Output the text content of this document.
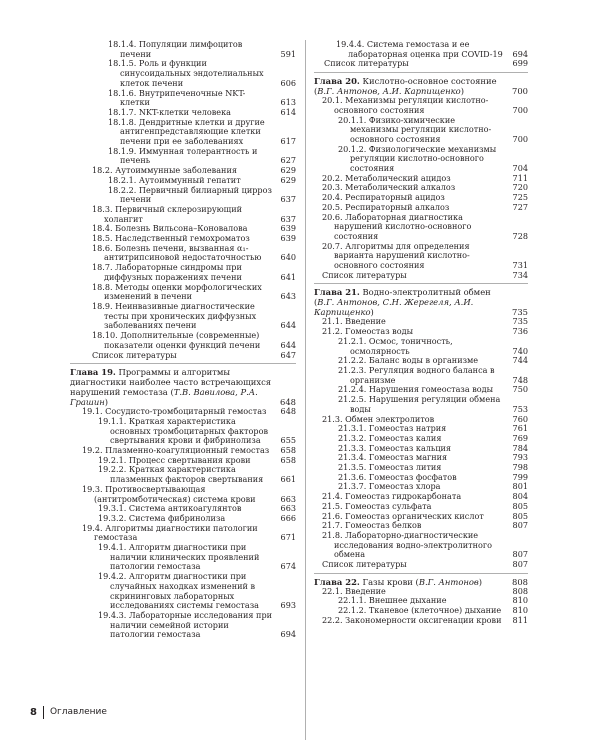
18.1.4. Популяции лимфоцитов печени	591
18.1.5. Роль и функции синусоидальных эндотелиальных клеток печени	606
18.1.6. Внутрипеченочные NKT-клетки	613
18.1.7. NKT-клетки человека	614
18.1.8. Дендритные клетки и другие антигенпредставляющие клетки печени при ее заболеваниях	617
18.1.9. Иммунная толерантность и печень	627
18.2. Аутоиммунные заболевания	629
18.2.1. Аутоиммунный гепатит	629
18.2.2. Первичный билиарный цирроз печени	637
18.3. Первичный склерозирующий холангит	637
18.4. Болезнь Вильсона–Коновалова	639
18.5. Наследственный гемохроматоз	639
18.6. Болезнь печени, вызванная α₁-антитрипсиновой недостаточностью	640
18.7. Лабораторные синдромы при диффузных поражениях печени	641
18.8. Методы оценки морфологических изменений в печени	643
18.9. Неинвазивные диагностические тесты при хронических диффузных заболеваниях печени	644
18.10. Дополнительные (современные) показатели оценки функций печени	644
Список литературы	647
Глава 19. Программы и алгоритмы диагностики наиболее часто встречающихся нарушений гемостаза (Т.В. Вавилова, Р.А. Грашин)	648
19.1. Сосудисто-тромбоцитарный гемостаз	648
19.1.1. Краткая характеристика основных тромбоцитарных факторов свертывания крови и фибринолиза	655
19.2. Плазменно-коагуляционный гемостаз	658
19.2.1. Процесс свертывания крови	658
19.2.2. Краткая характеристика плазменных факторов свертывания	661
19.3. Противосвертывающая (антитромботическая) система крови	663
19.3.1. Система антикоагулянтов	663
19.3.2. Система фибринолиза	666
19.4. Алгоритмы диагностики патологии гемостаза	671
19.4.1. Алгоритм диагностики при наличии клинических проявлений патологии гемостаза	674
19.4.2. Алгоритм диагностики при случайных находках изменений в скрининговых лабораторных исследованиях системы гемостаза	693
19.4.3. Лабораторные исследования при наличии семейной истории патологии гемостаза	694
19.4.4. Система гемостаза и ее лабораторная оценка при COVID-19	694
Список литературы	699
Глава 20. Кислотно-основное состояние (В.Г. Антонов, А.И. Карпищенко)	700
20.1. Механизмы регуляции кислотно-основного состояния	700
20.1.1. Физико-химические механизмы регуляции кислотно-основного состояния	700
20.1.2. Физиологические механизмы регуляции кислотно-основного состояния	704
20.2. Метаболический ацидоз	711
20.3. Метаболический алкалоз	720
20.4. Респираторный ацидоз	725
20.5. Респираторный алкалоз	727
20.6. Лабораторная диагностика нарушений кислотно-основного состояния	728
20.7. Алгоритмы для определения варианта нарушений кислотно-основного состояния	731
Список литературы	734
Глава 21. Водно-электролитный обмен (В.Г. Антонов, С.Н. Жерегеля, А.И. Карпищенко)	735
21.1. Введение	735
21.2. Гомеостаз воды	736
21.2.1. Осмос, тоничность, осмолярность	740
21.2.2. Баланс воды в организме	744
21.2.3. Регуляция водного баланса в организме	748
21.2.4. Нарушения гомеостаза воды	750
21.2.5. Нарушения регуляции обмена воды	753
21.3. Обмен электролитов	760
21.3.1. Гомеостаз натрия	761
21.3.2. Гомеостаз калия	769
21.3.3. Гомеостаз кальция	784
21.3.4. Гомеостаз магния	793
21.3.5. Гомеостаз лития	798
21.3.6. Гомеостаз фосфатов	799
21.3.7. Гомеостаз хлора	801
21.4. Гомеостаз гидрокарбоната	804
21.5. Гомеостаз сульфата	805
21.6. Гомеостаз органических кислот	805
21.7. Гомеостаз белков	807
21.8. Лабораторно-диагностические исследования водно-электролитного обмена	807
Список литературы	807
Глава 22. Газы крови (В.Г. Антонов)	808
22.1. Введение	808
22.1.1. Внешнее дыхание	810
22.1.2. Тканевое (клеточное) дыхание	810
22.2. Закономерности оксигенации крови	811
8 Оглавление
